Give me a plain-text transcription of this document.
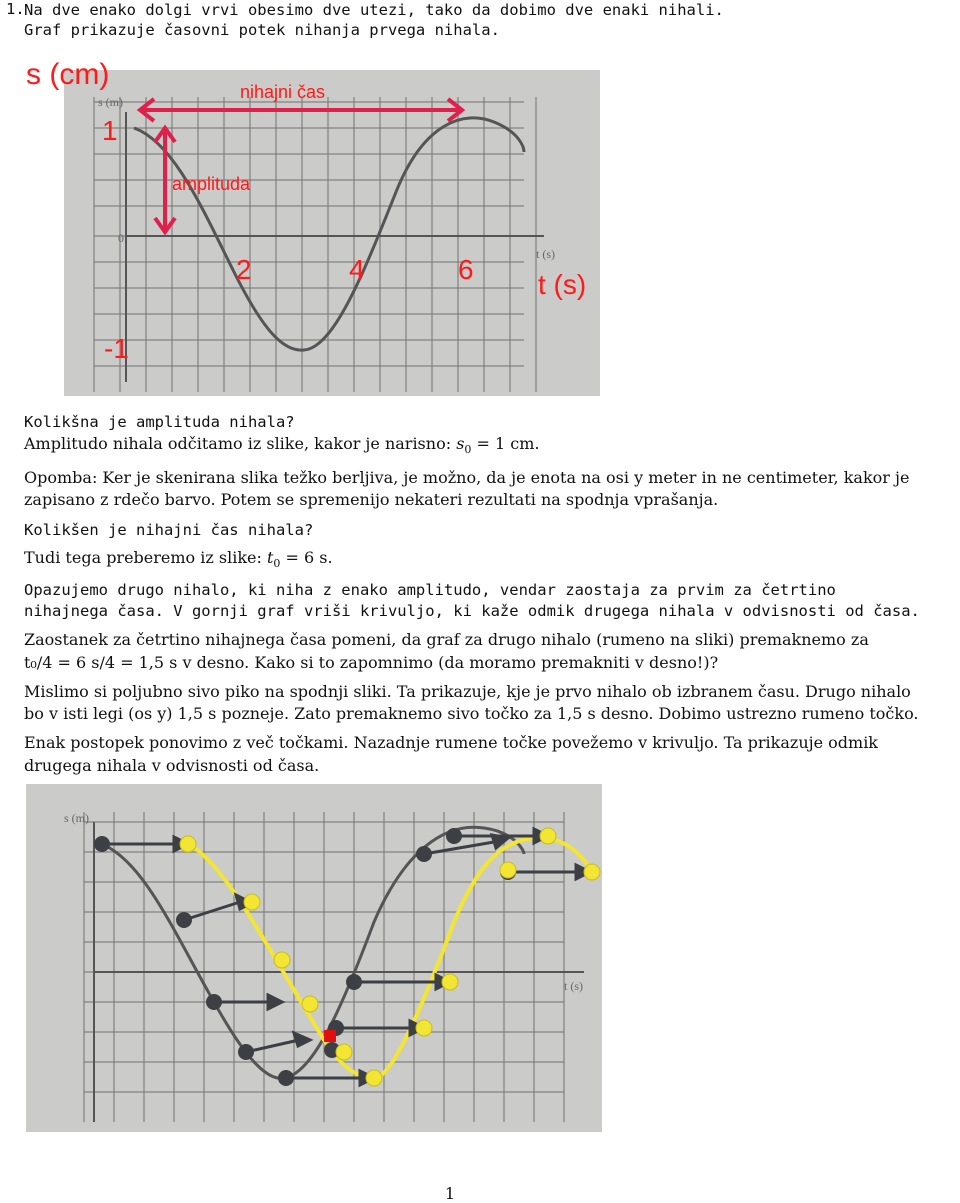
1. Na dve enako dolgi vrvi obesimo dve utezi, tako da dobimo dve enaki nihali.
Graf prikazuje časovni potek nihanja prvega nihala.
s (m)
0
t (s)
s (cm)
1
-1
2	4	6 t (s)
nihajni čas
amplituda
Kolikšna je amplituda nihala?
Amplitudo nihala odčitamo iz slike, kakor je narisno: $s_0 = 1$ cm.
Opomba: Ker je skenirana slika težko berljiva, je možno, da je enota na osi y meter in ne centimeter, kakor je
zapisano z rdečo barvo. Potem se spremenijo nekateri rezultati na spodnja vprašanja.
Kolikšen je nihajni čas nihala?
Tudi tega preberemo iz slike: $t_0 = 6$ s.
Opazujemo drugo nihalo, ki niha z enako amplitudo, vendar zaostaja za prvim za četrtino
nihajnega časa. V gornji graf vriši krivuljo, ki kaže odmik drugega nihala v odvisnosti od časa.
Zaostanek za četrtino nihajnega časa pomeni, da graf za drugo nihalo (rumeno na sliki) premaknemo za
t₀/4 = 6 s/4 = 1,5 s v desno. Kako si to zapomnimo (da moramo premakniti v desno!)?
Mislimo si poljubno sivo piko na spodnji sliki. Ta prikazuje, kje je prvo nihalo ob izbranem času. Drugo nihalo
bo v isti legi (os y) 1,5 s pozneje. Zato premaknemo sivo točko za 1,5 s desno. Dobimo ustrezno rumeno točko.
Enak postopek ponovimo z več točkami. Nazadnje rumene točke povežemo v krivuljo. Ta prikazuje odmik
drugega nihala v odvisnosti od časa.
s (m)
t (s)
1
